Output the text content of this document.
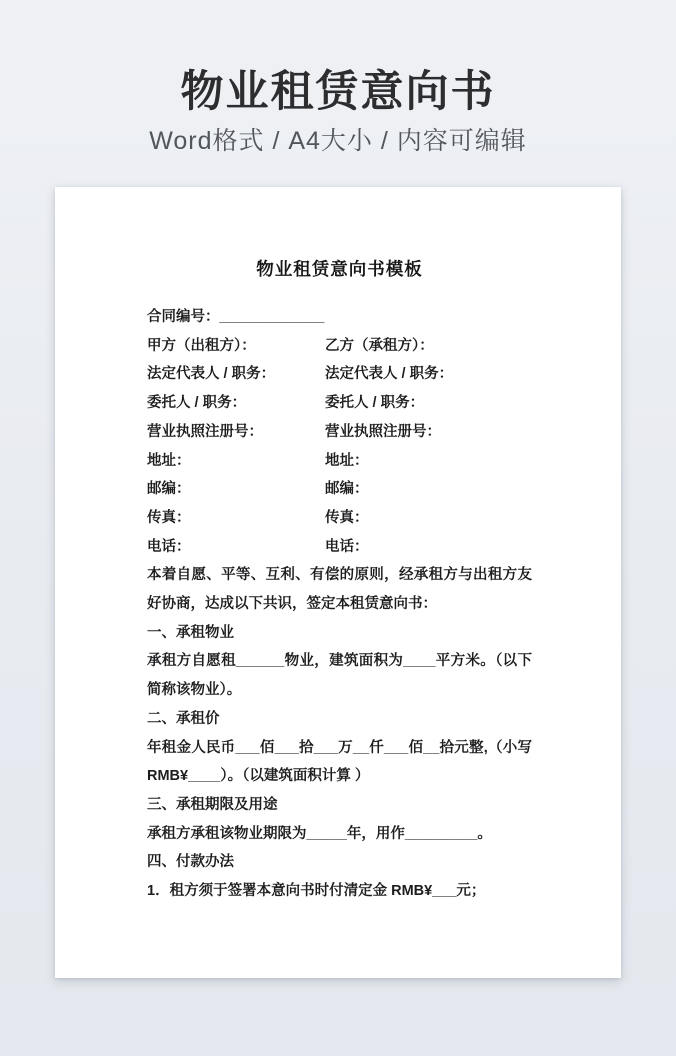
物业租赁意向书
Word格式 / A4大小 / 内容可编辑
物业租赁意向书模板
合同编号：_____________
甲方（出租方）：	乙方（承租方）：
法定代表人 / 职务：	法定代表人 / 职务：
委托人 / 职务：	委托人 / 职务：
营业执照注册号：	营业执照注册号：
地址：	地址：
邮编：	邮编：
传真：	传真：
电话：	电话：
本着自愿、平等、互利、有偿的原则，经承租方与出租方友好协商，达成以下共识，签定本租赁意向书：
一、承租物业
承租方自愿租______物业，建筑面积为____平方米。（以下简称该物业）。
二、承租价
年租金人民币___佰___拾___万__仟___佰__拾元整,（小写RMB¥____）。（以建筑面积计算 ）
三、承租期限及用途
承租方承租该物业期限为_____年，用作_________。
四、付款办法
1．租方须于签署本意向书时付清定金 RMB¥___元；
